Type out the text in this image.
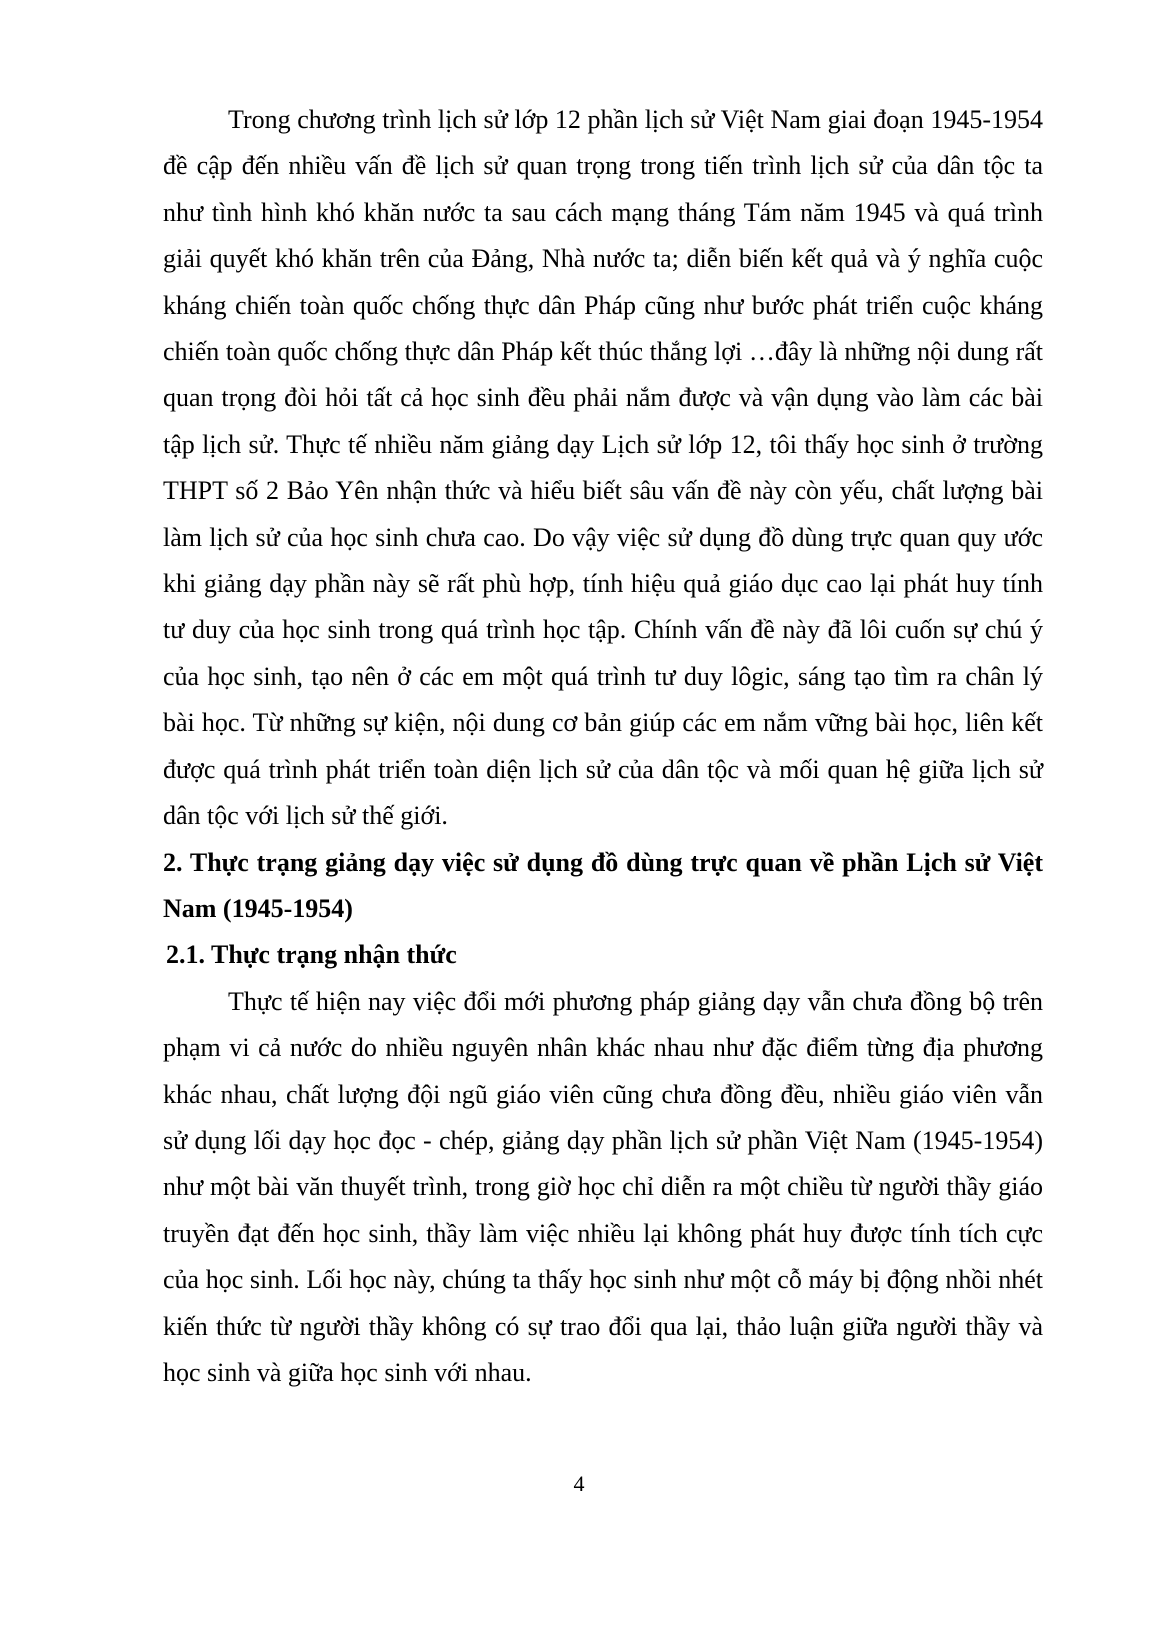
Trong chương trình lịch sử lớp 12 phần lịch sử Việt Nam giai đoạn 1945-1954 đề cập đến nhiều vấn đề lịch sử quan trọng trong tiến trình lịch sử của dân tộc ta như tình hình khó khăn nước ta sau cách mạng tháng Tám năm 1945 và quá trình giải quyết khó khăn trên của Đảng, Nhà nước ta; diễn biến kết quả và ý nghĩa cuộc kháng chiến toàn quốc chống thực dân Pháp cũng như bước phát triển cuộc kháng chiến toàn quốc chống thực dân Pháp kết thúc thắng lợi …đây là những nội dung rất quan trọng đòi hỏi tất cả học sinh đều phải nắm được và vận dụng vào làm các bài tập lịch sử. Thực tế nhiều năm giảng dạy Lịch sử lớp 12, tôi thấy học sinh ở trường THPT số 2 Bảo Yên nhận thức và hiểu biết sâu vấn đề này còn yếu, chất lượng bài làm lịch sử của học sinh chưa cao. Do vậy việc sử dụng đồ dùng trực quan quy ước khi giảng dạy phần này sẽ rất phù hợp, tính hiệu quả giáo dục cao lại phát huy tính tư duy của học sinh trong quá trình học tập. Chính vấn đề này đã lôi cuốn sự chú ý của học sinh, tạo nên ở các em một quá trình tư duy lôgic, sáng tạo tìm ra chân lý bài học. Từ những sự kiện, nội dung cơ bản giúp các em nắm vững bài học, liên kết được quá trình phát triển toàn diện lịch sử của dân tộc và mối quan hệ giữa lịch sử dân tộc với lịch sử thế giới.

2. Thực trạng giảng dạy việc sử dụng đồ dùng trực quan về phần Lịch sử Việt Nam (1945-1954)

2.1. Thực trạng nhận thức

Thực tế hiện nay việc đổi mới phương pháp giảng dạy vẫn chưa đồng bộ trên phạm vi cả nước do nhiều nguyên nhân khác nhau như đặc điểm từng địa phương khác nhau, chất lượng đội ngũ giáo viên cũng chưa đồng đều, nhiều giáo viên vẫn sử dụng lối dạy học đọc - chép, giảng dạy phần lịch sử phần Việt Nam (1945-1954) như một bài văn thuyết trình, trong giờ học chỉ diễn ra một chiều từ người thầy giáo truyền đạt đến học sinh, thầy làm việc nhiều lại không phát huy được tính tích cực của học sinh. Lối học này, chúng ta thấy học sinh như một cỗ máy bị động nhồi nhét kiến thức từ người thầy không có sự trao đổi qua lại, thảo luận giữa người thầy và học sinh và giữa học sinh với nhau.

4
